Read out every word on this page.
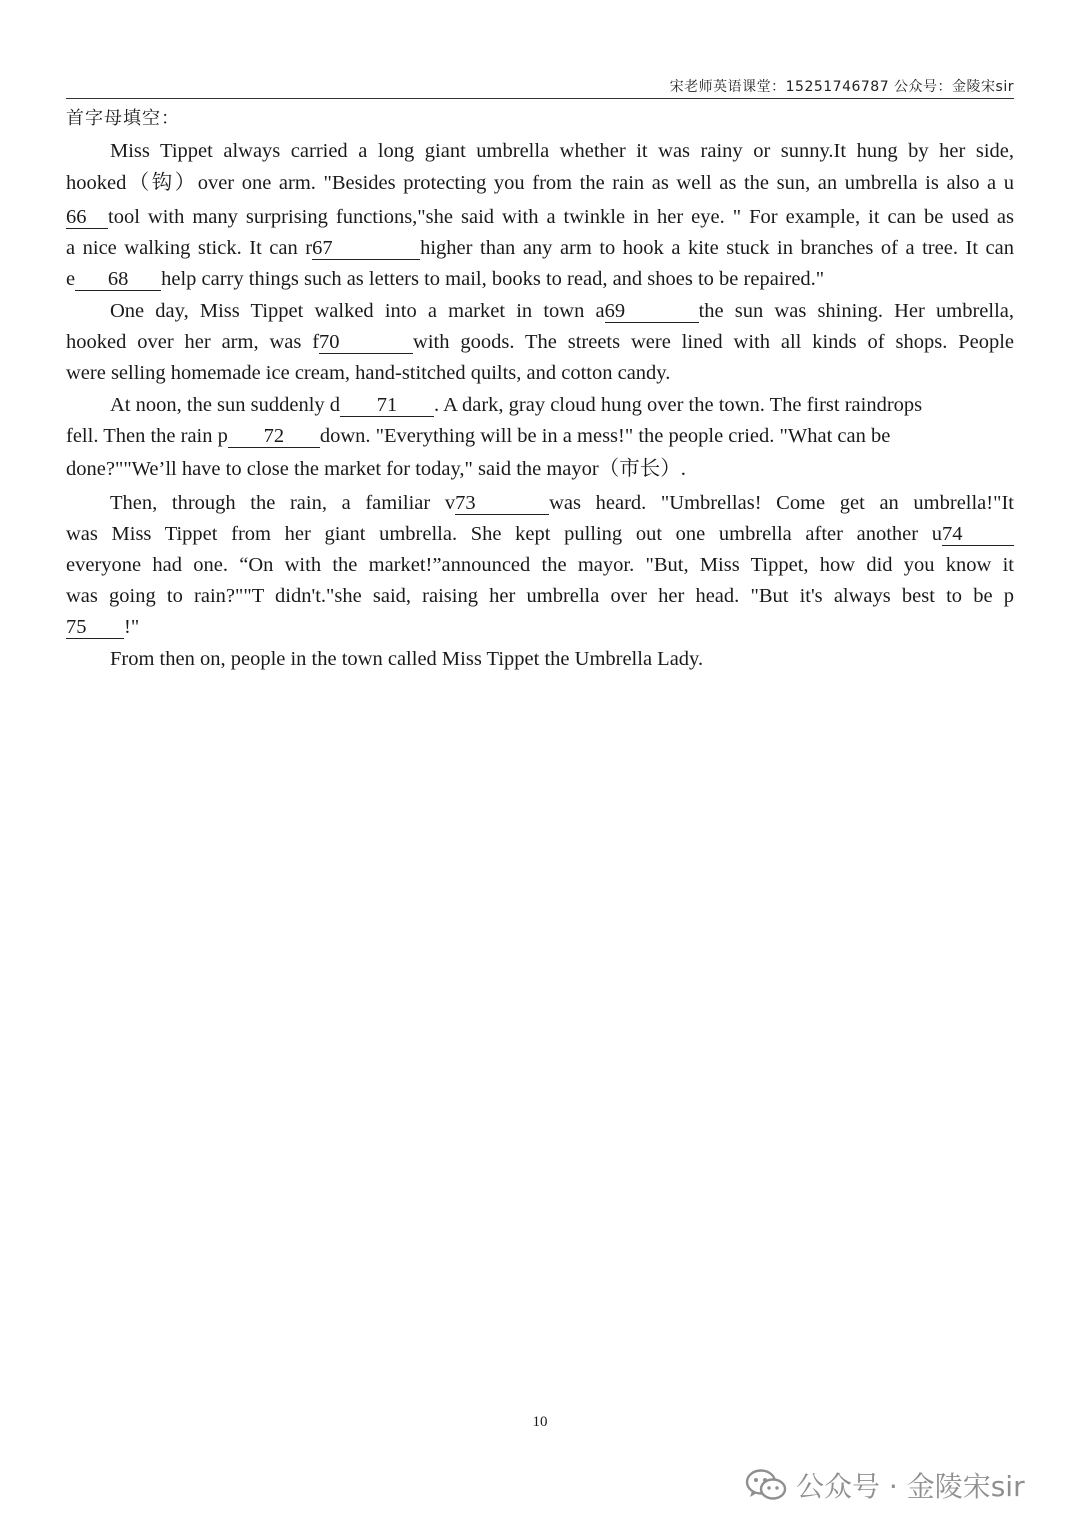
宋老师英语课堂：15251746787 公众号：金陵宋sir
首字母填空：
Miss Tippet always carried a long giant umbrella whether it was rainy or sunny.It hung by her side,
hooked（钩）over one arm. "Besides protecting you from the rain as well as the sun, an umbrella is also a u
66 tool with many surprising functions,"she said with a twinkle in her eye. " For example, it can be used as
a nice walking stick. It can r67	higher than any arm to hook a kite stuck in branches of a tree. It can
e 68 help carry things such as letters to mail, books to read, and shoes to be repaired."
One day, Miss Tippet walked into a market in town a69	the sun was shining. Her umbrella,
hooked over her arm, was f70	with goods. The streets were lined with all kinds of shops. People
were selling homemade ice cream, hand-stitched quilts, and cotton candy.
At noon, the sun suddenly d 71 . A dark, gray cloud hung over the town. The first raindrops
fell. Then the rain p 72 down. "Everything will be in a mess!" the people cried. "What can be
done?""We’ll have to close the market for today," said the mayor（市长）.
Then, through the rain, a familiar v73	was heard. "Umbrellas! Come get an umbrella!"It
was Miss Tippet from her giant umbrella. She kept pulling out one umbrella after another u74
everyone had one. “On with the market!”announced the mayor. "But, Miss Tippet, how did you know it
was going to rain?""T didn't."she said, raising her umbrella over her head. "But it's always best to be p
75 !"
From then on, people in the town called Miss Tippet the Umbrella Lady.
10
公众号 · 金陵宋sir
